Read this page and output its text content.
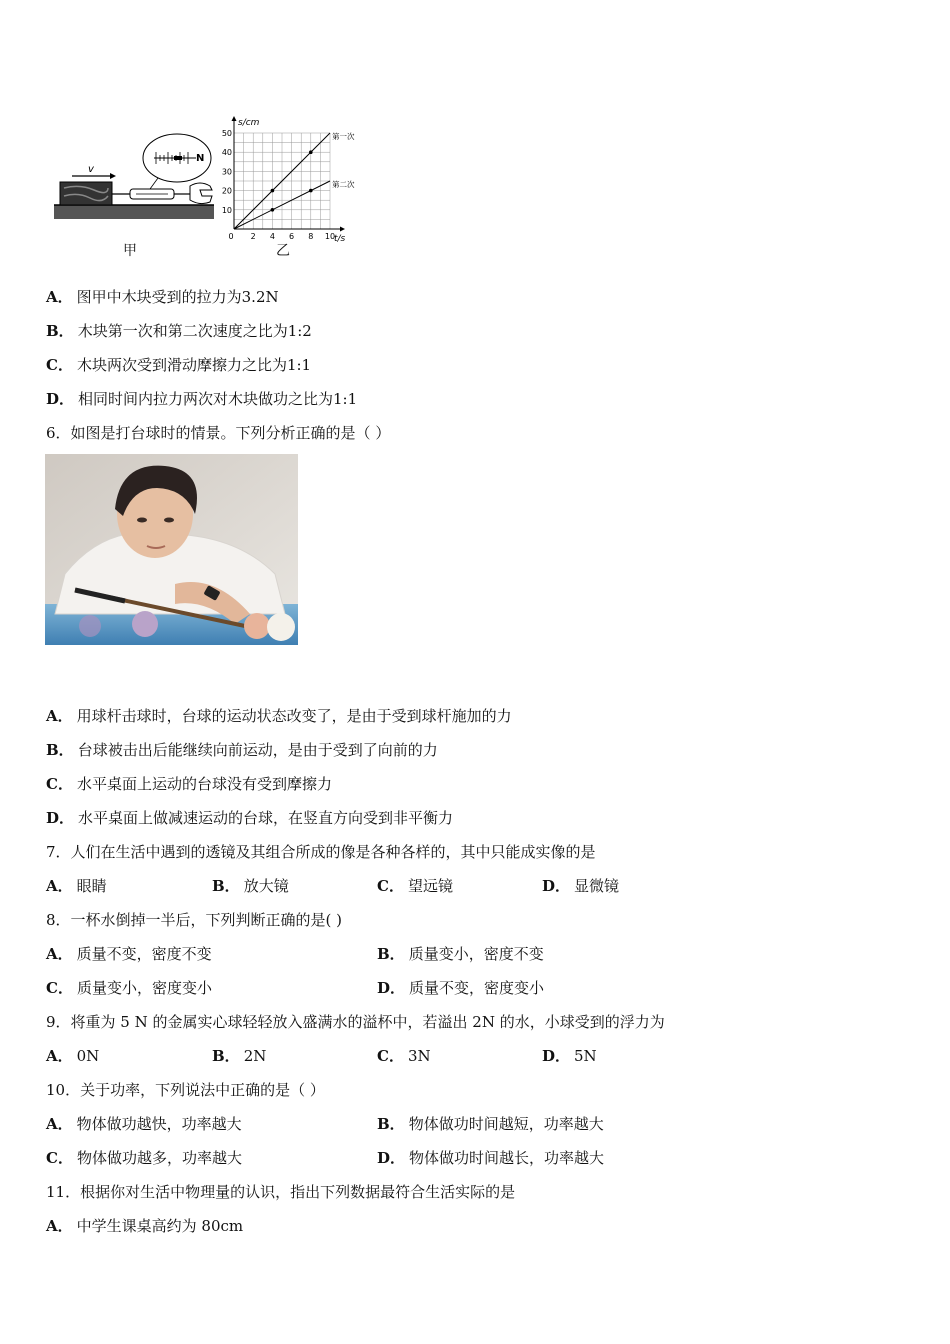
v
N
甲
10
20
30
40
50
0 2 4 6 8 10
s/cm
t/s
第一次
第二次
乙
A． 图甲中木块受到的拉力为3.2N
B． 木块第一次和第二次速度之比为1:2
C． 木块两次受到滑动摩擦力之比为1:1
D． 相同时间内拉力两次对木块做功之比为1:1
6．如图是打台球时的情景。下列分析正确的是（ ）
A． 用球杆击球时，台球的运动状态改变了，是由于受到球杆施加的力
B． 台球被击出后能继续向前运动，是由于受到了向前的力
C． 水平桌面上运动的台球没有受到摩擦力
D． 水平桌面上做减速运动的台球，在竖直方向受到非平衡力
7．人们在生活中遇到的透镜及其组合所成的像是各种各样的，其中只能成实像的是
A． 眼睛	B． 放大镜	C． 望远镜	D． 显微镜
8．一杯水倒掉一半后，下列判断正确的是( )
A． 质量不变，密度不变	B． 质量变小，密度不变
C． 质量变小，密度变小	D． 质量不变，密度变小
9．将重为 5 N 的金属实心球轻轻放入盛满水的溢杯中，若溢出 2N 的水，小球受到的浮力为
A． 0N	B． 2N	C． 3N	D． 5N
10．关于功率，下列说法中正确的是（ ）
A． 物体做功越快，功率越大	B． 物体做功时间越短，功率越大
C． 物体做功越多，功率越大	D． 物体做功时间越长，功率越大
11．根据你对生活中物理量的认识，指出下列数据最符合生活实际的是
A． 中学生课桌高约为 80cm
